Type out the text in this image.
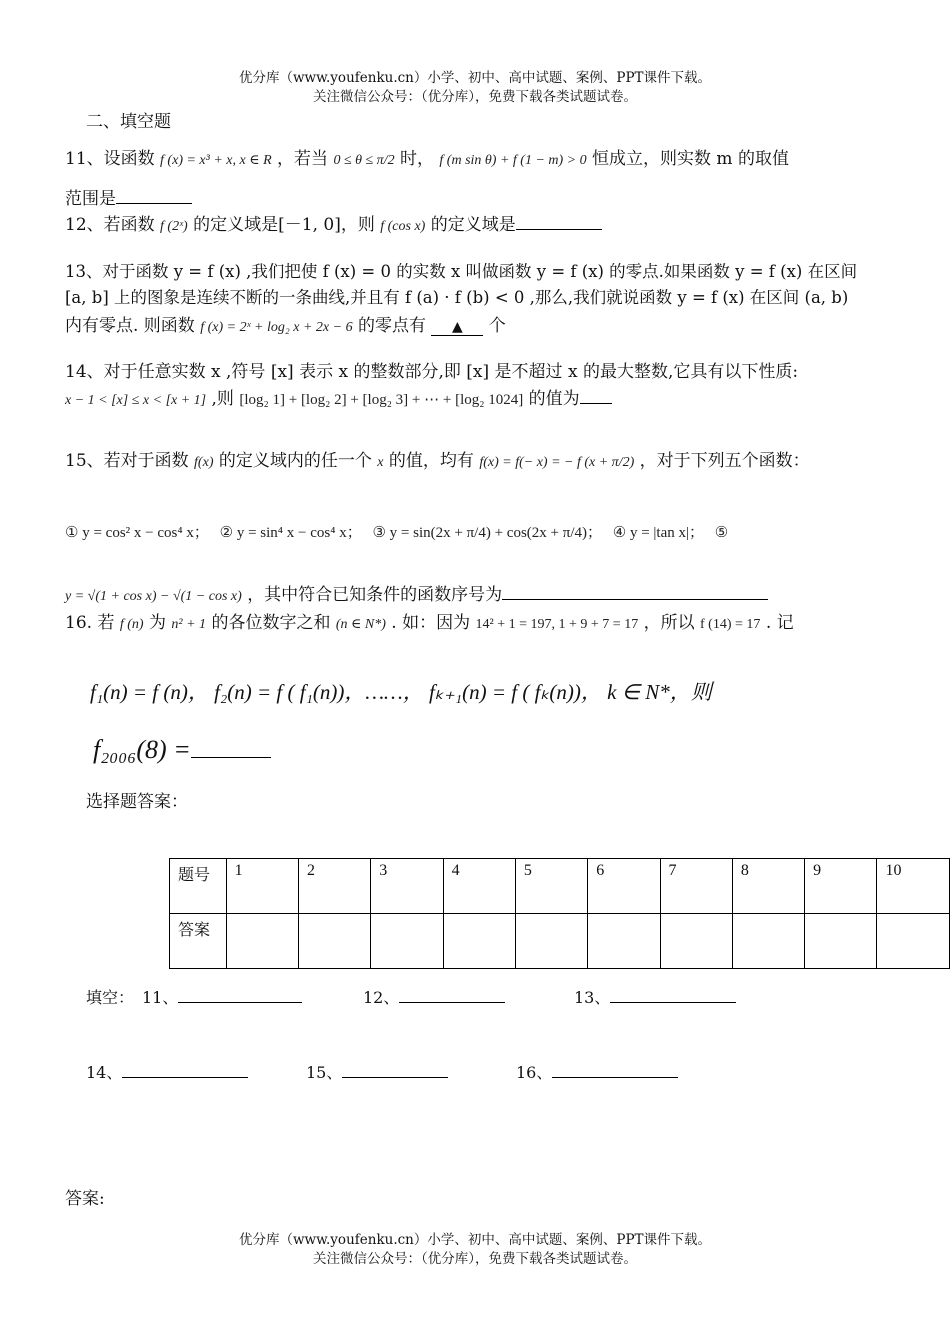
优分库（www.youfenku.cn）小学、初中、高中试题、案例、PPT课件下载。
关注微信公众号：（优分库），免费下载各类试题试卷。
二、填空题
11、设函数 f (x) = x³ + x, x ∈ R ，若当 0 ≤ θ ≤ π/2 时， f (m sin θ) + f (1 − m) > 0 恒成立，则实数 m 的取值
范围是
12、若函数 f (2ˣ) 的定义域是[－1, 0]，则 f (cos x) 的定义域是
13、对于函数 y = f (x) ,我们把使 f (x) = 0 的实数 x 叫做函数 y = f (x) 的零点.如果函数 y = f (x) 在区间
[a, b] 上的图象是连续不断的一条曲线,并且有 f (a) · f (b) < 0 ,那么,我们就说函数 y = f (x) 在区间 (a, b)
内有零点. 则函数 f (x) = 2ˣ + log₂ x + 2x − 6 的零点有 ▲ 个
14、对于任意实数 x ,符号 [x] 表示 x 的整数部分,即 [x] 是不超过 x 的最大整数,它具有以下性质:
x − 1 < [x] ≤ x < [x + 1] ,则 [log₂ 1] + [log₂ 2] + [log₂ 3] + ⋯ + [log₂ 1024] 的值为
15、若对于函数 f(x) 的定义域内的任一个 x 的值，均有 f(x) = f(− x) = − f (x + π/2) ，对于下列五个函数：
① y = cos² x − cos⁴ x； ② y = sin⁴ x − cos⁴ x； ③ y = sin(2x + π/4) + cos(2x + π/4)； ④ y = |tan x|； ⑤
y = √(1 + cos x) − √(1 − cos x) ，其中符合已知条件的函数序号为
16. 若 f (n) 为 n² + 1 的各位数字之和 (n ∈ N*) . 如：因为 14² + 1 = 197, 1 + 9 + 7 = 17 ，所以 f (14) = 17 . 记
f₁(n) = f (n)， f₂(n) = f ( f₁(n))，……， fₖ₊₁(n) = f ( fₖ(n))， k ∈ N*，则
f₂₀₀₆(8) =
选择题答案：
题号	1	2	3	4	5	6	7	8	9	10
答案										
填空： 11、	12、	13、
14、	15、	16、
答案:
优分库（www.youfenku.cn）小学、初中、高中试题、案例、PPT课件下载。
关注微信公众号：（优分库），免费下载各类试题试卷。
